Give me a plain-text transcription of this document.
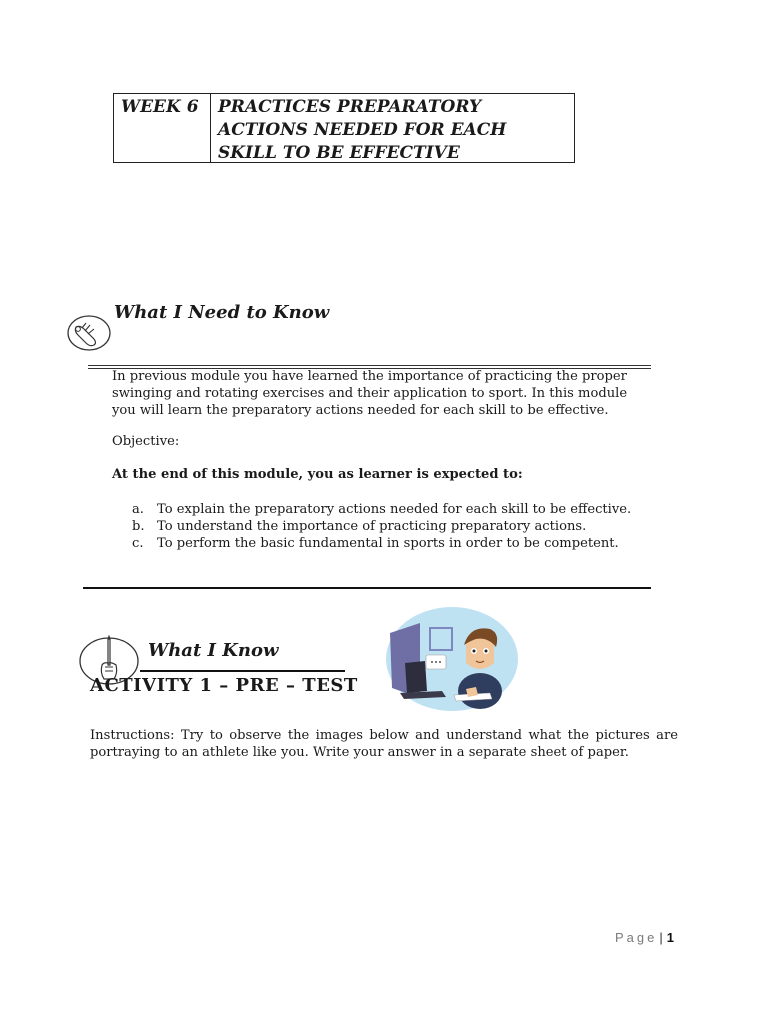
WEEK 6	PRACTICES PREPARATORY
ACTIONS NEEDED FOR EACH
SKILL TO BE EFFECTIVE
What I Need to Know

In previous module you have learned the importance of practicing the proper swinging and rotating exercises and their application to sport. In this module you will learn the preparatory actions needed for each skill to be effective.

Objective:
At the end of this module, you as learner is expected to:
a. To explain the preparatory actions needed for each skill to be effective.
b. To understand the importance of practicing preparatory actions.
c.	To perform the basic fundamental in sports in order to be competent.
What I Know
ACTIVITY 1 – PRE – TEST
Instructions: Try to observe the images below and understand what the pictures are portraying to an athlete like you. Write your answer in a separate sheet of paper.
Page | 1
